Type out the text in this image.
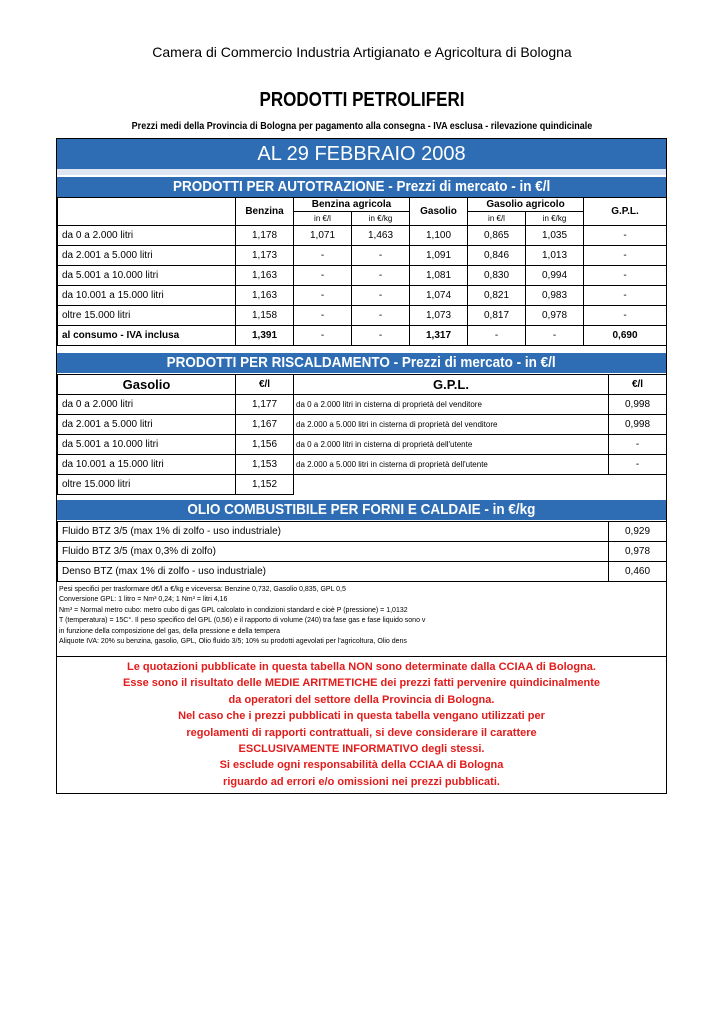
Camera di Commercio Industria Artigianato e Agricoltura di Bologna
PRODOTTI PETROLIFERI
Prezzi medi della Provincia di Bologna per pagamento alla consegna - IVA esclusa - rilevazione quindicinale
AL 29 FEBBRAIO 2008
PRODOTTI PER AUTOTRAZIONE - Prezzi di mercato - in €/l
	Benzina	Benzina agricola		Gasolio	Gasolio agricolo		G.P.L.
		in €/l	in €/kg		in €/l	in €/kg	
da 0 a 2.000 litri	1,178	1,071	1,463	1,100	0,865	1,035	-
da 2.001 a 5.000 litri	1,173	-	-	1,091	0,846	1,013	-
da 5.001 a 10.000 litri	1,163	-	-	1,081	0,830	0,994	-
da 10.001 a 15.000 litri	1,163	-	-	1,074	0,821	0,983	-
oltre 15.000 litri	1,158	-	-	1,073	0,817	0,978	-
al consumo - IVA inclusa	1,391	-	-	1,317	-	-	0,690
PRODOTTI PER RISCALDAMENTO - Prezzi di mercato - in €/l
Gasolio	€/l	G.P.L.	€/l
da 0 a 2.000 litri	1,177	da 0 a 2.000 litri in cisterna di proprietà del venditore	0,998
da 2.001 a 5.000 litri	1,167	da 2.000 a 5.000 litri in cisterna di proprietà del venditore	0,998
da 5.001 a 10.000 litri	1,156	da 0 a 2.000 litri in cisterna di proprietà dell'utente	-
da 10.001 a 15.000 litri	1,153	da 2.000 a 5.000 litri in cisterna di proprietà dell'utente	-
oltre 15.000 litri	1,152		
OLIO COMBUSTIBILE PER FORNI E CALDAIE - in €/kg
Fluido BTZ 3/5 (max 1% di zolfo - uso industriale)	0,929
Fluido BTZ 3/5 (max 0,3% di zolfo)	0,978
Denso BTZ (max 1% di zolfo - uso industriale)	0,460
Pesi specifici per trasformare d€/l a €/kg e viceversa: Benzine 0,732, Gasolio 0,835, GPL 0,5
Conversione GPL: 1 litro = Nm³ 0,24; 1 Nm³ = litri 4,16
Nm³ = Normal metro cubo: metro cubo di gas GPL calcolato in condizioni standard e cioè P (pressione) = 1,0132
T (temperatura) = 15C°. Il peso specifico del GPL (0,56) e il rapporto di volume (240) tra fase gas e fase liquido sono v
in funzione della composizione del gas, della pressione e della tempera
Aliquote IVA: 20% su benzina, gasolio, GPL, Olio fluido 3/5; 10% su prodotti agevolati per l'agricoltura, Olio dens
Le quotazioni pubblicate in questa tabella NON sono determinate dalla CCIAA di Bologna.
Esse sono il risultato delle MEDIE ARITMETICHE dei prezzi fatti pervenire quindicinalmente
da operatori del settore della Provincia di Bologna.
Nel caso che i prezzi pubblicati in questa tabella vengano utilizzati per
regolamenti di rapporti contrattuali, si deve considerare il carattere
ESCLUSIVAMENTE INFORMATIVO degli stessi.
Si esclude ogni responsabilità della CCIAA di Bologna
riguardo ad errori e/o omissioni nei prezzi pubblicati.
